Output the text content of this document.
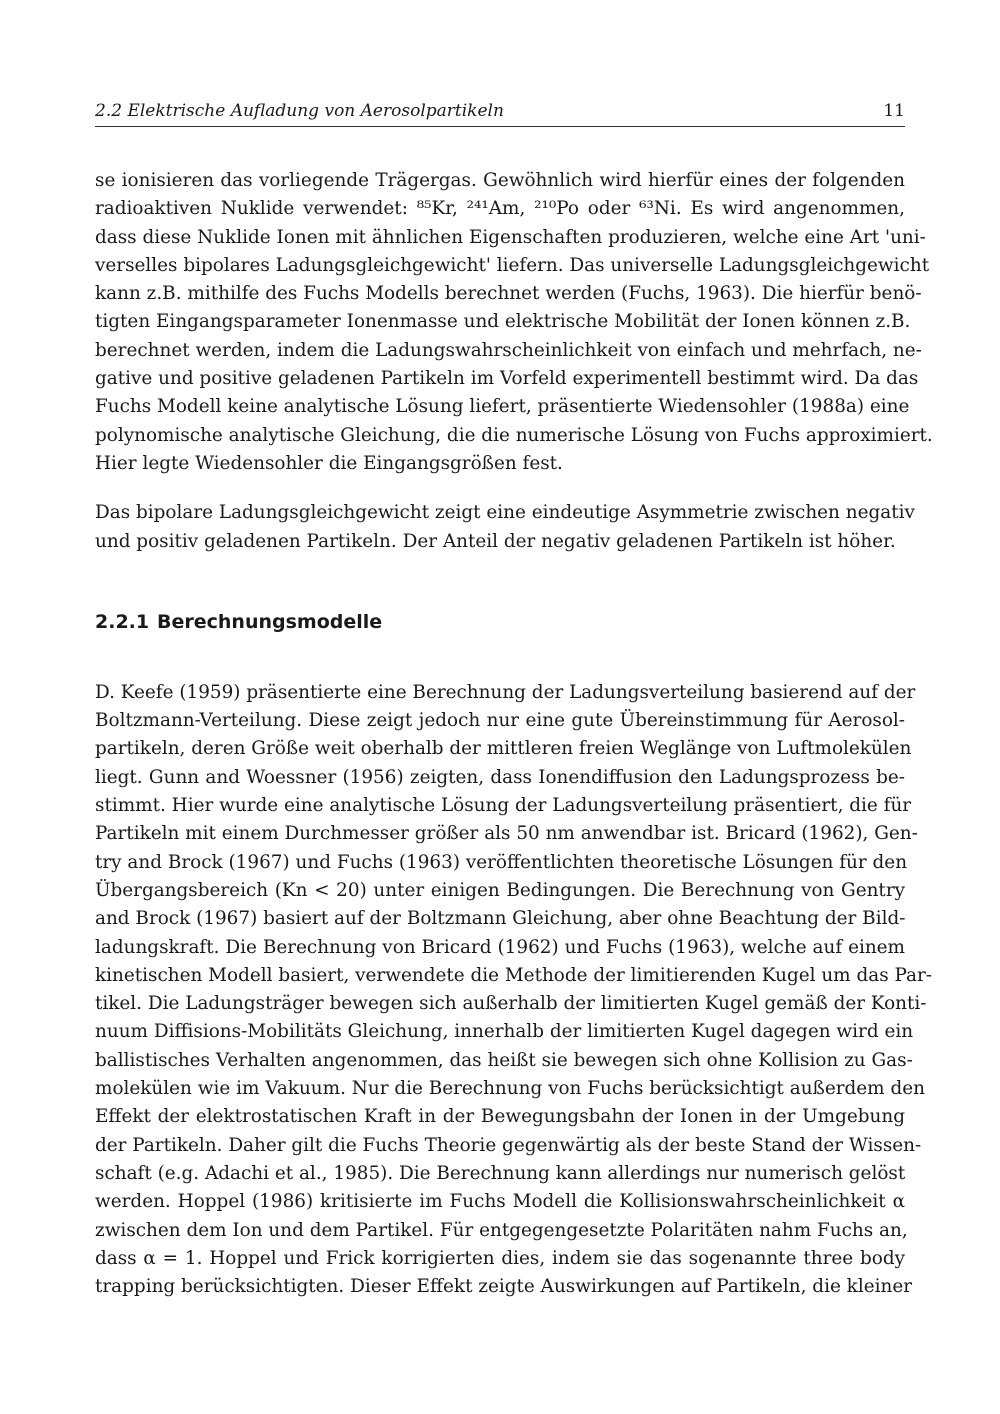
2.2 Elektrische Aufladung von Aerosolpartikeln	11
se ionisieren das vorliegende Trägergas. Gewöhnlich wird hierfür eines der folgenden
radioaktiven Nuklide verwendet: ⁸⁵Kr, ²⁴¹Am, ²¹⁰Po oder ⁶³Ni. Es wird angenommen,
dass diese Nuklide Ionen mit ähnlichen Eigenschaften produzieren, welche eine Art 'uni-
verselles bipolares Ladungsgleichgewicht' liefern. Das universelle Ladungsgleichgewicht
kann z.B. mithilfe des Fuchs Modells berechnet werden (Fuchs, 1963). Die hierfür benö-
tigten Eingangsparameter Ionenmasse und elektrische Mobilität der Ionen können z.B.
berechnet werden, indem die Ladungswahrscheinlichkeit von einfach und mehrfach, ne-
gative und positive geladenen Partikeln im Vorfeld experimentell bestimmt wird. Da das
Fuchs Modell keine analytische Lösung liefert, präsentierte Wiedensohler (1988a) eine
polynomische analytische Gleichung, die die numerische Lösung von Fuchs approximiert.
Hier legte Wiedensohler die Eingangsgrößen fest.
Das bipolare Ladungsgleichgewicht zeigt eine eindeutige Asymmetrie zwischen negativ
und positiv geladenen Partikeln. Der Anteil der negativ geladenen Partikeln ist höher.
2.2.1 Berechnungsmodelle
D. Keefe (1959) präsentierte eine Berechnung der Ladungsverteilung basierend auf der
Boltzmann-Verteilung. Diese zeigt jedoch nur eine gute Übereinstimmung für Aerosol-
partikeln, deren Größe weit oberhalb der mittleren freien Weglänge von Luftmolekülen
liegt. Gunn and Woessner (1956) zeigten, dass Ionendiffusion den Ladungsprozess be-
stimmt. Hier wurde eine analytische Lösung der Ladungsverteilung präsentiert, die für
Partikeln mit einem Durchmesser größer als 50 nm anwendbar ist. Bricard (1962), Gen-
try and Brock (1967) und Fuchs (1963) veröffentlichten theoretische Lösungen für den
Übergangsbereich (Kn < 20) unter einigen Bedingungen. Die Berechnung von Gentry
and Brock (1967) basiert auf der Boltzmann Gleichung, aber ohne Beachtung der Bild-
ladungskraft. Die Berechnung von Bricard (1962) und Fuchs (1963), welche auf einem
kinetischen Modell basiert, verwendete die Methode der limitierenden Kugel um das Par-
tikel. Die Ladungsträger bewegen sich außerhalb der limitierten Kugel gemäß der Konti-
nuum Diffisions-Mobilitäts Gleichung, innerhalb der limitierten Kugel dagegen wird ein
ballistisches Verhalten angenommen, das heißt sie bewegen sich ohne Kollision zu Gas-
molekülen wie im Vakuum. Nur die Berechnung von Fuchs berücksichtigt außerdem den
Effekt der elektrostatischen Kraft in der Bewegungsbahn der Ionen in der Umgebung
der Partikeln. Daher gilt die Fuchs Theorie gegenwärtig als der beste Stand der Wissen-
schaft (e.g. Adachi et al., 1985). Die Berechnung kann allerdings nur numerisch gelöst
werden. Hoppel (1986) kritisierte im Fuchs Modell die Kollisionswahrscheinlichkeit α
zwischen dem Ion und dem Partikel. Für entgegengesetzte Polaritäten nahm Fuchs an,
dass α = 1. Hoppel und Frick korrigierten dies, indem sie das sogenannte three body
trapping berücksichtigten. Dieser Effekt zeigte Auswirkungen auf Partikeln, die kleiner
